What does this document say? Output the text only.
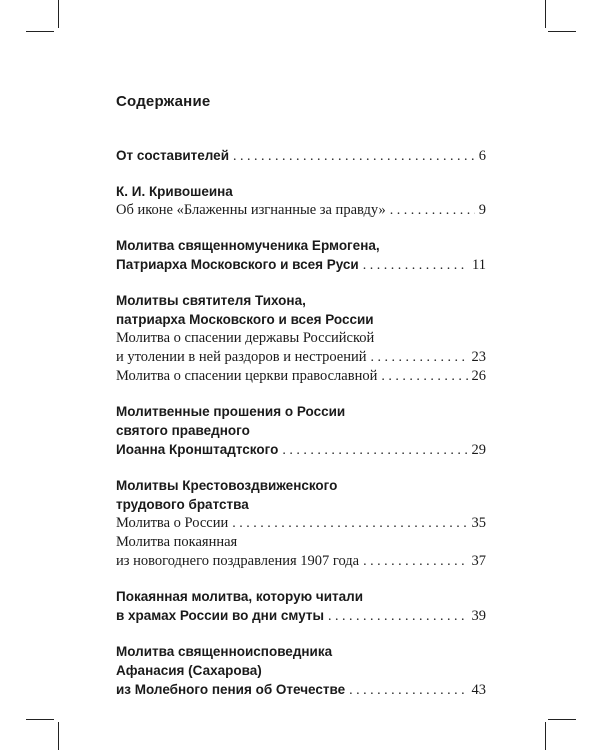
Содержание
От составителей . . .	6
К. И. Кривошеина
Об иконе «Блаженны изгнанные за правду» . . .	9
Молитва священномученика Ермогена,
Патриарха Московского и всея Руси . . .	11
Молитвы святителя Тихона,
патриарха Московского и всея России
Молитва о спасении державы Российской
и утолении в ней раздоров и нестроений . . .	23
Молитва о спасении церкви православной . . .	26
Молитвенные прошения о России
святого праведного
Иоанна Кронштадтского . . .	29
Молитвы Крестовоздвиженского
трудового братства
Молитва о России . . .	35
Молитва покаянная
из новогоднего поздравления 1907 года . . .	37
Покаянная молитва, которую читали
в храмах России во дни смуты . . .	39
Молитва священноисповедника
Афанасия (Сахарова)
из Молебного пения об Отечестве . . .	43
